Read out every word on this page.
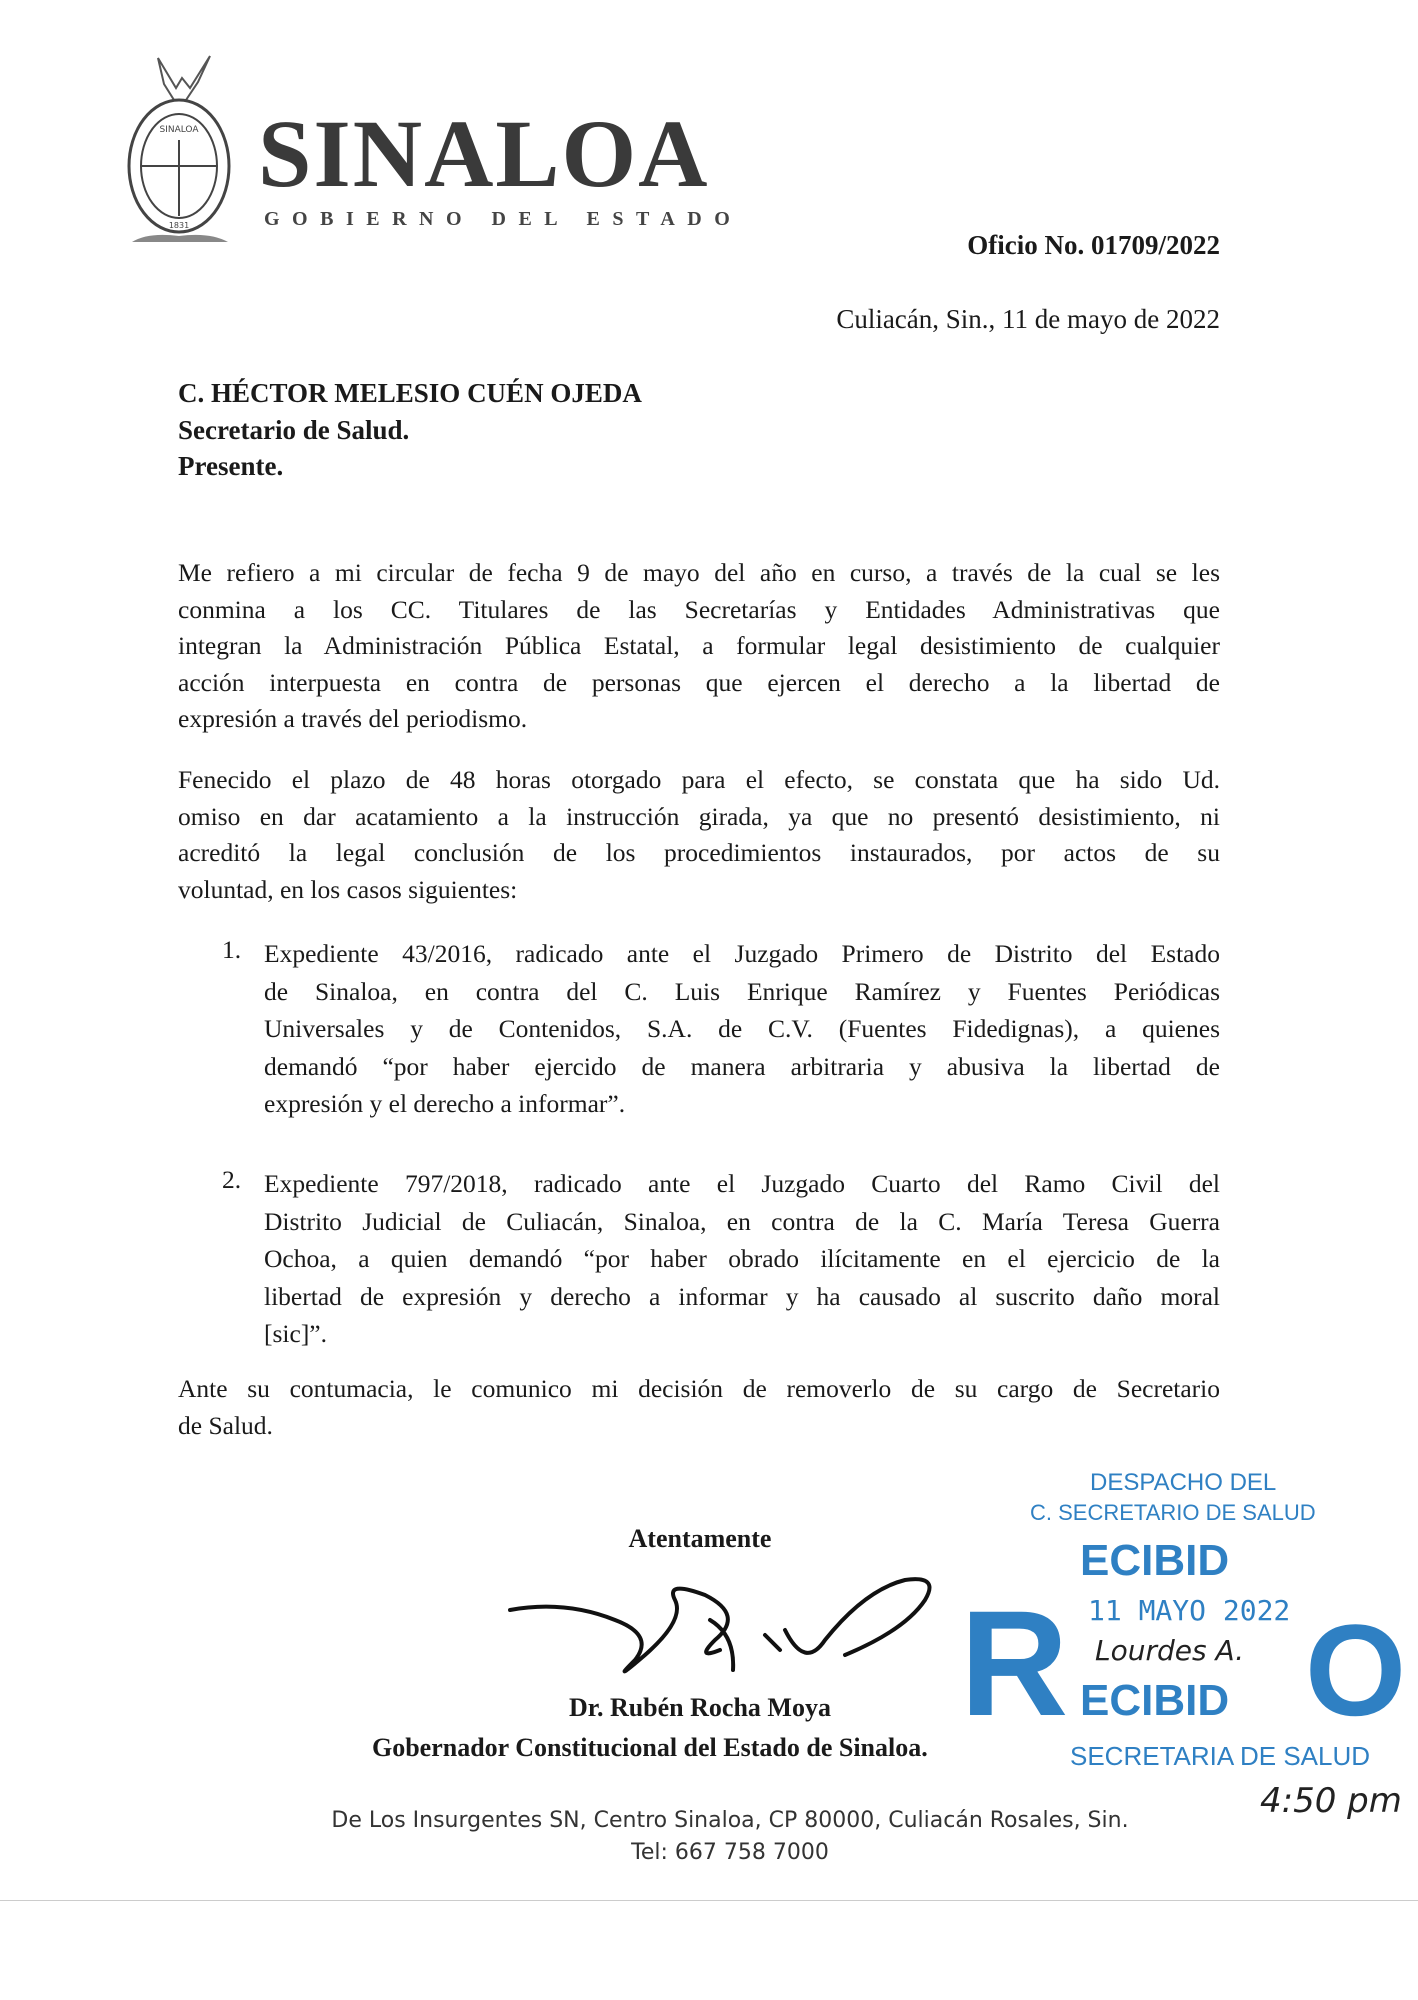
SINALOA
1831
SINALOA
GOBIERNO DEL ESTADO
Oficio No. 01709/2022
Culiacán, Sin., 11 de mayo de 2022
C. HÉCTOR MELESIO CUÉN OJEDA
Secretario de Salud.
Presente.
Me refiero a mi circular de fecha 9 de mayo del año en curso, a través de la cual se les
conmina a los CC. Titulares de las Secretarías y Entidades Administrativas que
integran la Administración Pública Estatal, a formular legal desistimiento de cualquier
acción interpuesta en contra de personas que ejercen el derecho a la libertad de
expresión a través del periodismo.
Fenecido el plazo de 48 horas otorgado para el efecto, se constata que ha sido Ud.
omiso en dar acatamiento a la instrucción girada, ya que no presentó desistimiento, ni
acreditó la legal conclusión de los procedimientos instaurados, por actos de su
voluntad, en los casos siguientes:
1. Expediente 43/2016, radicado ante el Juzgado Primero de Distrito del Estado
de Sinaloa, en contra del C. Luis Enrique Ramírez y Fuentes Periódicas
Universales y de Contenidos, S.A. de C.V. (Fuentes Fidedignas), a quienes
demandó “por haber ejercido de manera arbitraria y abusiva la libertad de
expresión y el derecho a informar”.
2. Expediente 797/2018, radicado ante el Juzgado Cuarto del Ramo Civil del
Distrito Judicial de Culiacán, Sinaloa, en contra de la C. María Teresa Guerra
Ochoa, a quien demandó “por haber obrado ilícitamente en el ejercicio de la
libertad de expresión y derecho a informar y ha causado al suscrito daño moral
[sic]”.
Ante su contumacia, le comunico mi decisión de removerlo de su cargo de Secretario
de Salud.
Atentamente
Dr. Rubén Rocha Moya
Gobernador Constitucional del Estado de Sinaloa.
DESPACHO DEL
C. SECRETARIO DE SALUD
ECIBID
11 MAYO 2022
R ECIBID O
SECRETARIA DE SALUD
Lourdes A.
4:50 pm
De Los Insurgentes SN, Centro Sinaloa, CP 80000, Culiacán Rosales, Sin.
Tel: 667 758 7000
